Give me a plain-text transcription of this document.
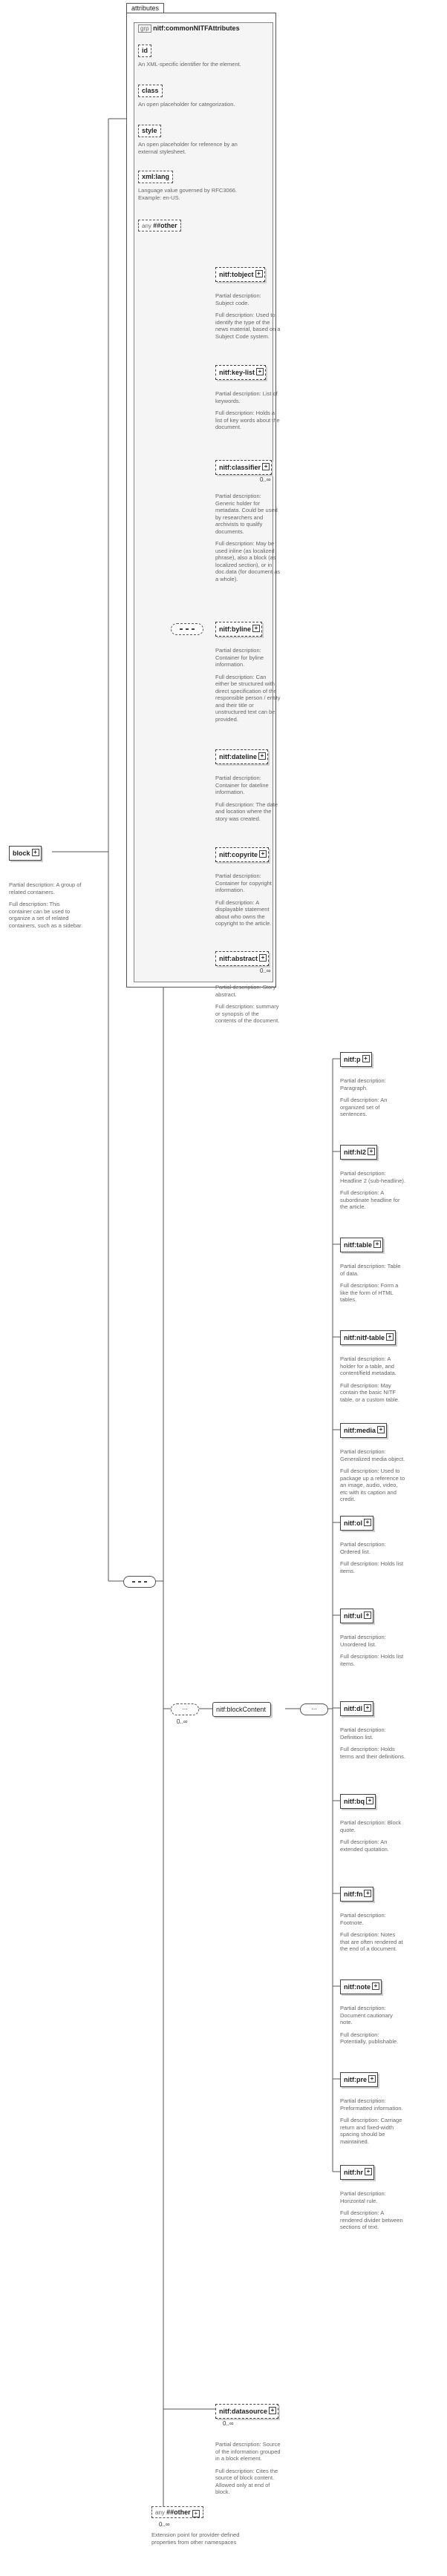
attributes
grp nitf:commonNITFAttributes
id
An XML-specific identifier for the element.
class
An open placeholder for categorization.
style
An open placeholder for reference by an external stylesheet.
xml:lang
Language value governed by RFC3066. Example: en-US.
any ##other
block +

Partial description: A group of related containers.

Full description: This container can be used to organize a set of related containers, such as a sidebar.

nitf:tobject +

Partial description: Subject code.

Full description: Used to identify the type of the news material, based on a Subject Code system.

nitf:key-list +

Partial description: List of keywords.

Full description: Holds a list of key words about the document.

nitf:classifier +
0..∞

Partial description: Generic holder for metadata. Could be used by researchers and archivists to qualify documents.

Full description: May be used inline (as localized phrase), also a block (as localized section), or in doc.data (for document as a whole).

nitf:byline +

Partial description: Container for byline information.

Full description: Can either be structured with direct specification of the responsible person / entity and their title or unstructured text can be provided.

nitf:dateline +

Partial description: Container for dateline information.

Full description: The date and location where the story was created.

nitf:copyrite +

Partial description: Container for copyright information.

Full description: A displayable statement about who owns the copyright to the article.

nitf:abstract +
0..∞

Partial description: Story abstract.

Full description: summary or synopsis of the contents of the document.

⋯
0..∞
nitf:blockContent	⋯
nitf:p +

Partial description: Paragraph.

Full description: An organized set of sentences.

nitf:hl2 +

Partial description: Headline 2 (sub-headline).

Full description: A subordinate headline for the article.

nitf:table +

Partial description: Table of data.

Full description: Form a like the form of HTML tables.

nitf:nitf-table +

Partial description: A holder for a table, and content/field metadata.

Full description: May contain the basic NITF table, or a custom table.

nitf:media +

Partial description: Generalized media object.

Full description: Used to package up a reference to an image, audio, video, etc with its caption and credit.

nitf:ol +

Partial description: Ordered list.

Full description: Holds list items.

nitf:ul +

Partial description: Unordered list.

Full description: Holds list items.

nitf:dl +

Partial description: Definition list.

Full description: Holds terms and their definitions.

nitf:bq +

Partial description: Block quote.

Full description: An extended quotation.

nitf:fn +

Partial description: Footnote.

Full description: Notes that are often rendered at the end of a document.

nitf:note +

Partial description: Document cautionary note.

Full description: Potentially, publishable.

nitf:pre +

Partial description: Preformatted information.

Full description: Carriage return and fixed-width spacing should be maintained.

nitf:hr +

Partial description: Horizontal rule.

Full description: A rendered divider between sections of text.

nitf:datasource +
0..∞

Partial description: Source of the information grouped in a block element.

Full description: Cites the source of block content. Allowed only at end of block.

any ##other +
0..∞
Extension point for provider-defined properties from other namespaces
